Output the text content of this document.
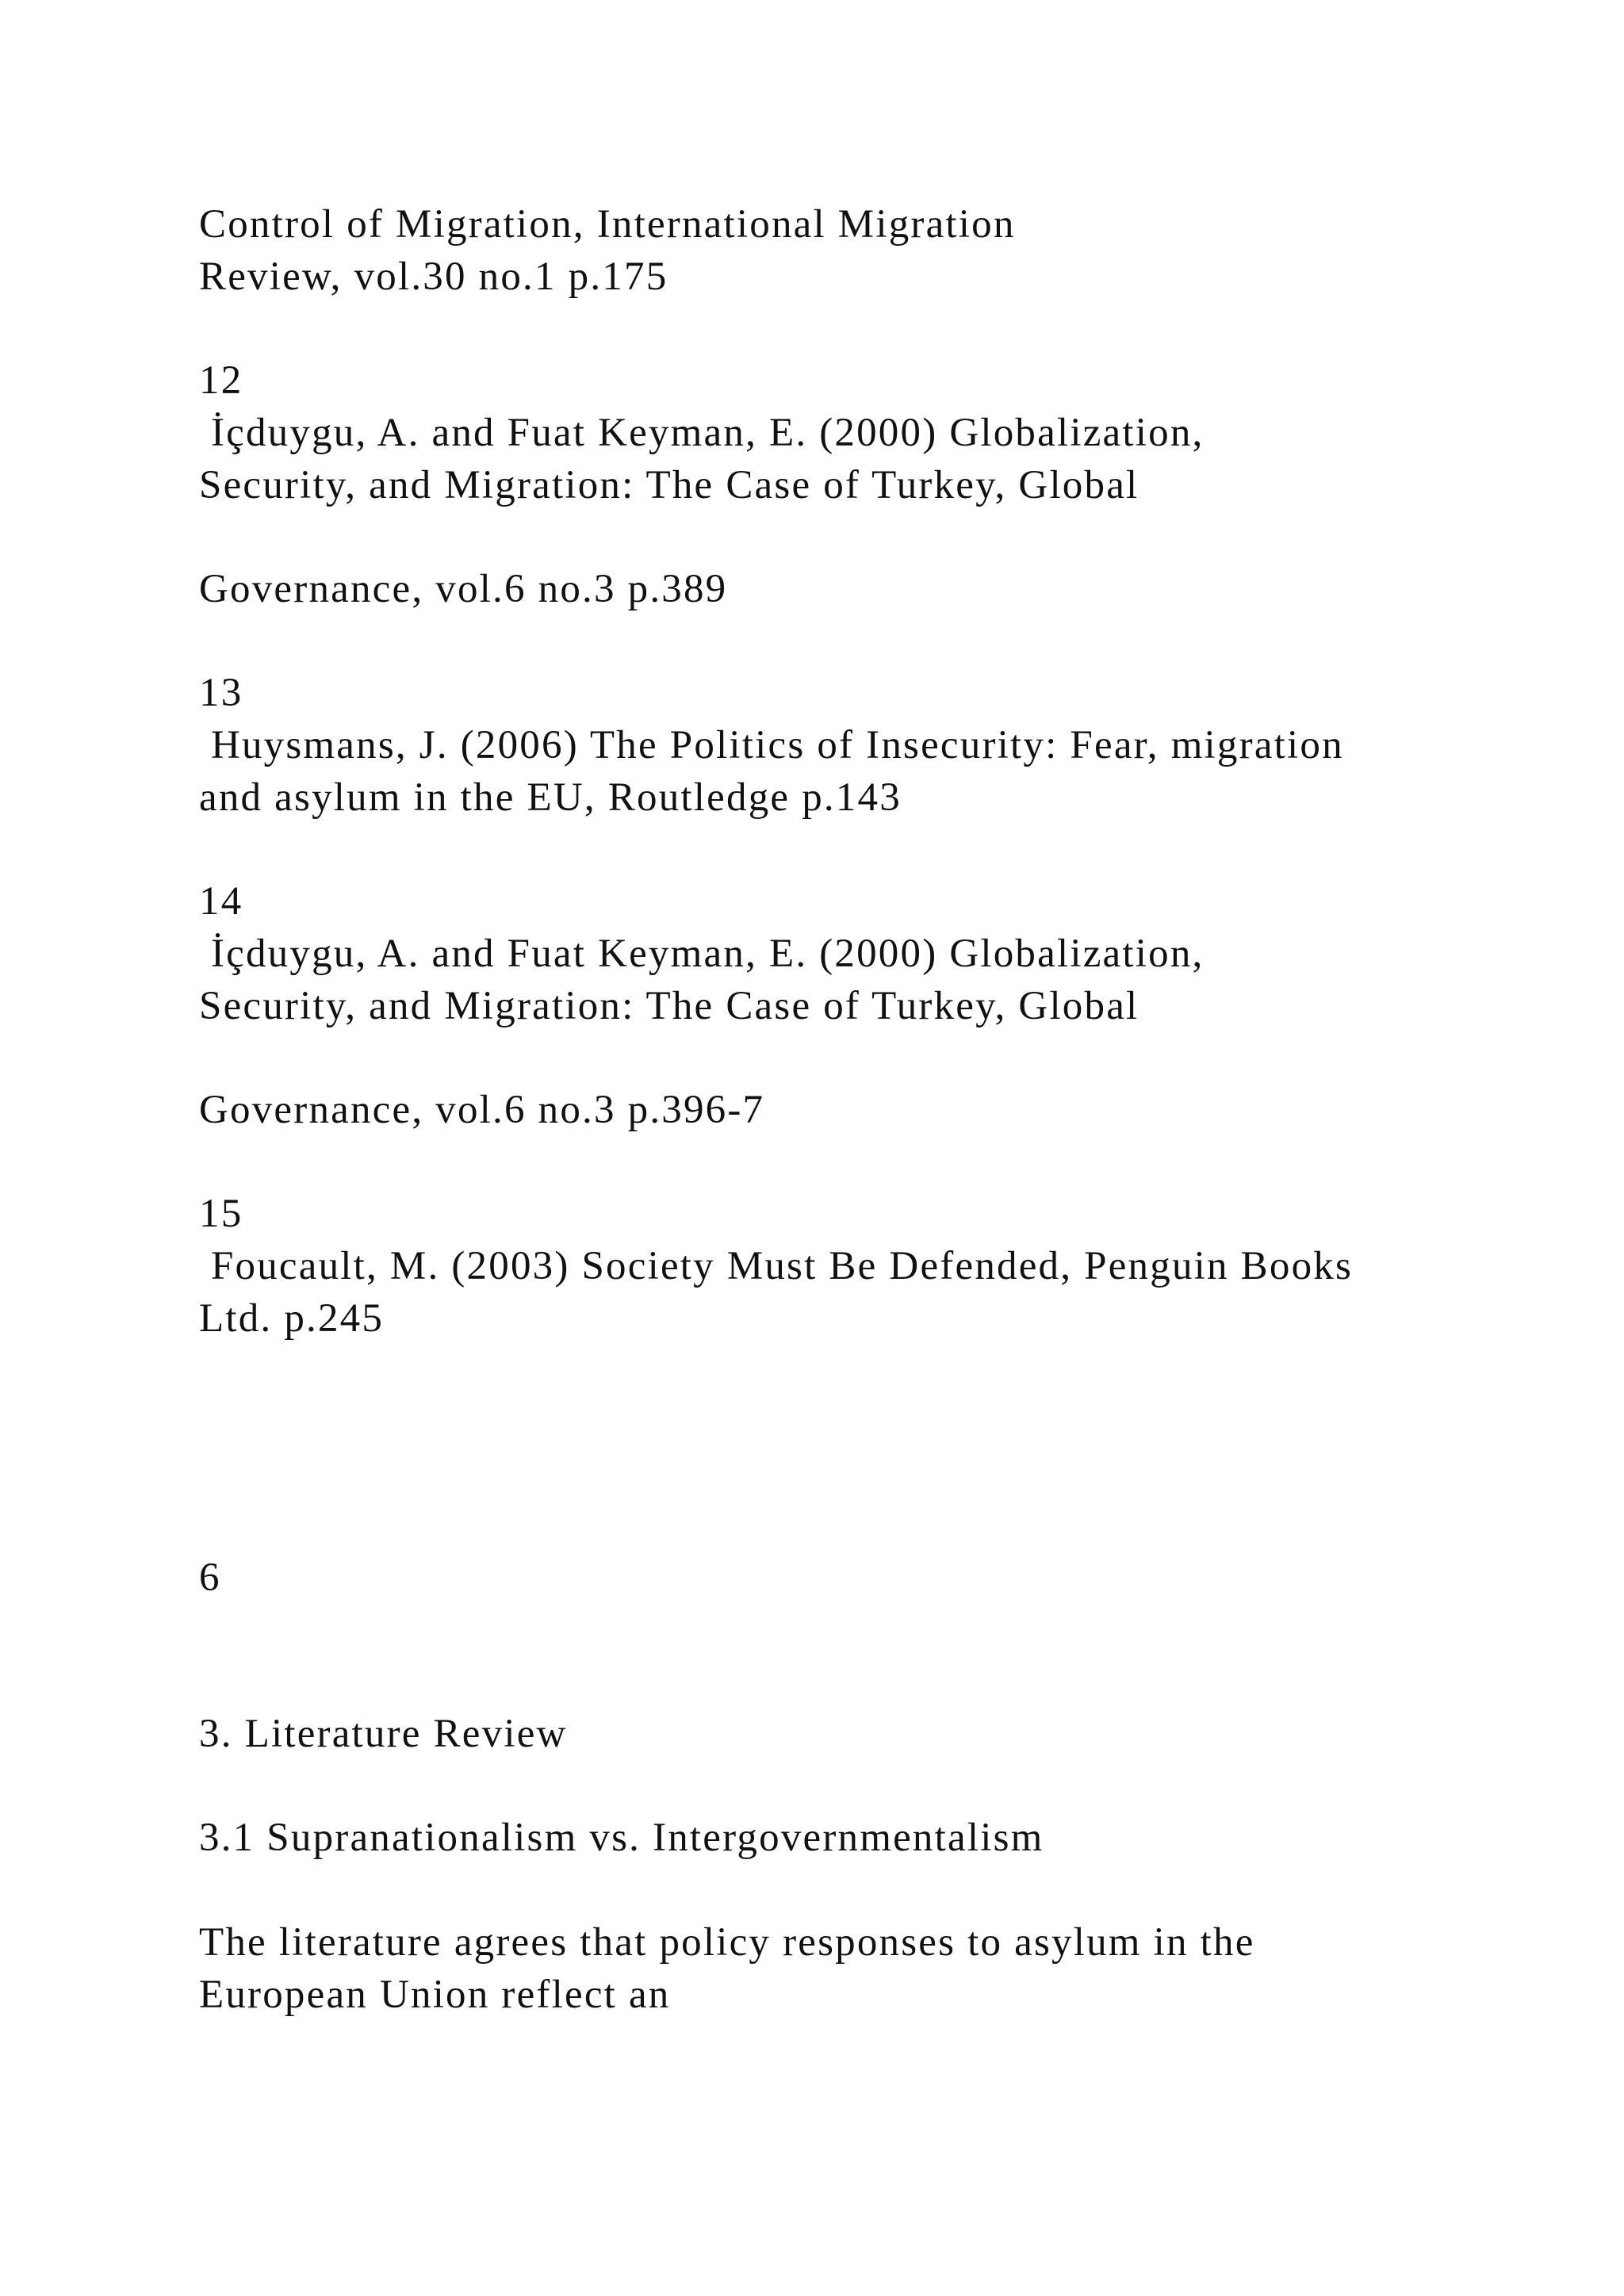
Control of Migration, International Migration

Review, vol.30 no.1 p.175

12

İçduygu, A. and Fuat Keyman, E. (2000) Globalization,

Security, and Migration: The Case of Turkey, Global

Governance, vol.6 no.3 p.389

13

Huysmans, J. (2006) The Politics of Insecurity: Fear, migration

and asylum in the EU, Routledge p.143

14

İçduygu, A. and Fuat Keyman, E. (2000) Globalization,

Security, and Migration: The Case of Turkey, Global

Governance, vol.6 no.3 p.396-7

15

Foucault, M. (2003) Society Must Be Defended, Penguin Books

Ltd. p.245

6

3. Literature Review

3.1 Supranationalism vs. Intergovernmentalism

The literature agrees that policy responses to asylum in the

European Union reflect an
